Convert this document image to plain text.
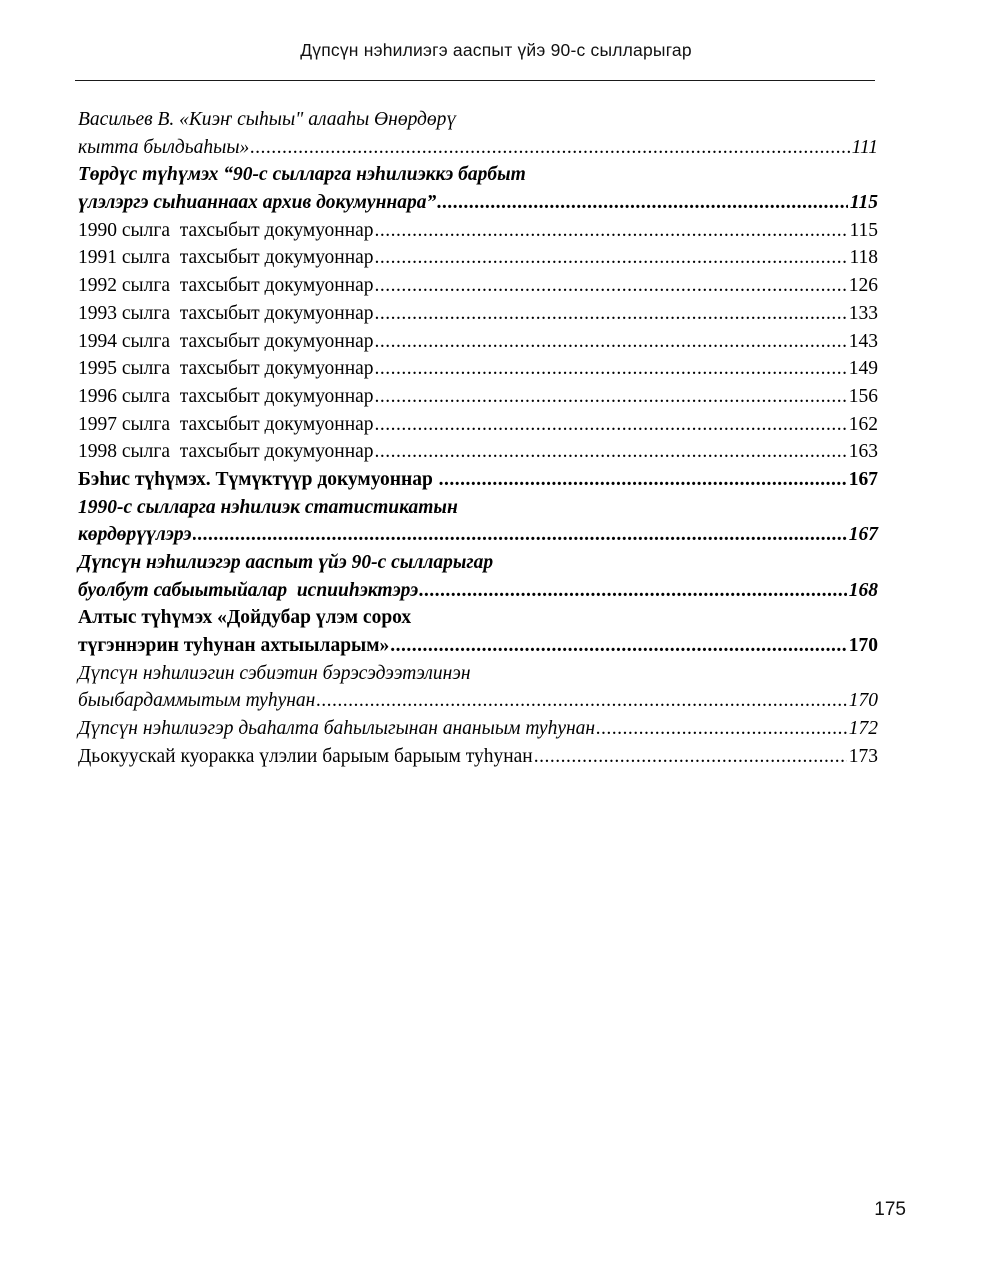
Дүпсүн нэһилиэгэ ааспыт үйэ 90-с сылларыгар
Васильев В. «Киэҥ сыһыы" алааһы Өнөрдөрү
кытта былдьаһыы» .....	111
Төрдүс түһүмэх “90-с сылларга нэһилиэккэ барбыт
үлэлэргэ сыһианнаах архив докумуннара” .....	115
1990 сылга  тахсыбыт докумуоннар .....	115
1991 сылга  тахсыбыт докумуоннар .....	118
1992 сылга  тахсыбыт докумуоннар .....	126
1993 сылга  тахсыбыт докумуоннар .....	133
1994 сылга  тахсыбыт докумуоннар .....	143
1995 сылга  тахсыбыт докумуоннар .....	149
1996 сылга  тахсыбыт докумуоннар .....	156
1997 сылга  тахсыбыт докумуоннар .....	162
1998 сылга  тахсыбыт докумуоннар .....	163
Бэһис түһүмэх. Түмүктүүр докумуоннар .....	167
1990-с сылларга нэһилиэк статистикатын
көрдөрүүлэрэ .....	167
Дүпсүн нэһилиэгэр ааспыт үйэ 90-с сылларыгар
буолбут сабыытыйалар  испииһэктэрэ .....	168
Алтыс түһүмэх «Дойдубар үлэм сорох
түгэннэрин туһунан ахтыыларым» .....	170
Дүпсүн нэһилиэгин сэбиэтин бэрэсэдээтэлинэн
быыбардаммытым туһунан .....	170
Дүпсүн нэһилиэгэр дьаһалта баһылыгынан ананыым туһунан .....	172
Дьокуускай куоракка үлэлии барыым барыым туһунан .....	173
175
